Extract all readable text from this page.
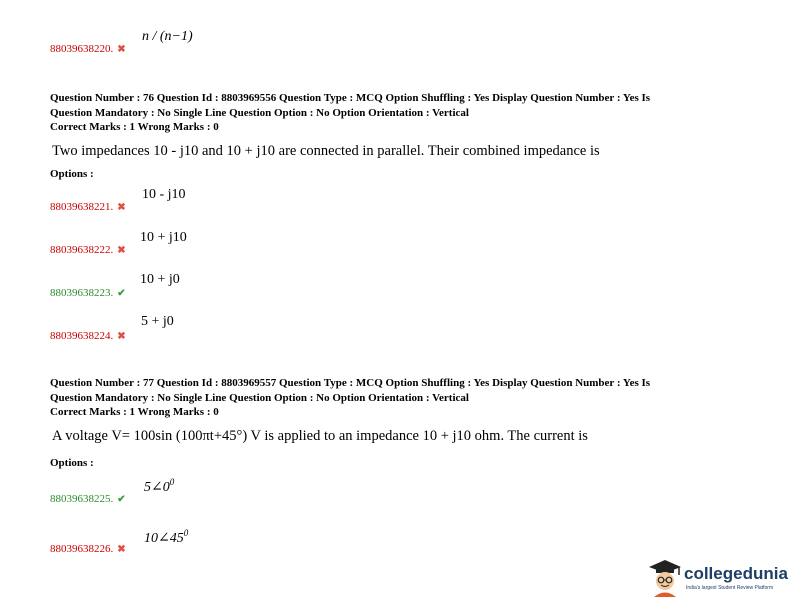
88039638220. ✖
n / (n−1)
Question Number : 76 Question Id : 8803969556 Question Type : MCQ Option Shuffling : Yes Display Question Number : Yes Is
Question Mandatory : No Single Line Question Option : No Option Orientation : Vertical
Correct Marks : 1 Wrong Marks : 0
Two impedances 10 - j10 and 10 + j10 are connected in parallel. Their combined impedance is
Options :
88039638221. ✖
10 - j10
88039638222. ✖
10 + j10
88039638223. ✔
10 + j0
88039638224. ✖
5 + j0
Question Number : 77 Question Id : 8803969557 Question Type : MCQ Option Shuffling : Yes Display Question Number : Yes Is
Question Mandatory : No Single Line Question Option : No Option Orientation : Vertical
Correct Marks : 1 Wrong Marks : 0
A voltage V= 100sin (100πt+45°) V is applied to an impedance 10 + j10 ohm. The current is
Options :
88039638225. ✔
$5\angle 0^0$
88039638226. ✖
$10\angle 45^0$
collegedunia
India's largest Student Review Platform
